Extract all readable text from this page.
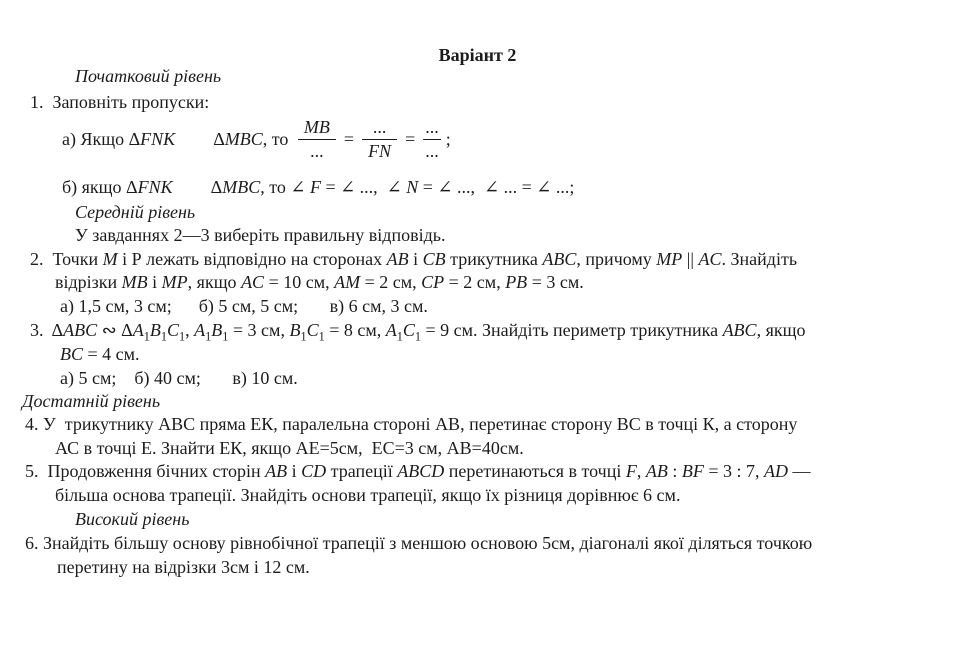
Варіант 2
Початковий рівень
1.  Заповніть пропуски:
а) Якщо ΔFNK ΔMBC, то $\frac{MB}{...} = \frac{...}{FN} = \frac{...}{...}$ ;
б) якщо ΔFNK ΔMBC, то ∠ F = ∠ ...,  ∠ N = ∠ ...,  ∠ ... = ∠ ...;
Середній рівень
У завданнях 2—3 виберіть правильну відповідь.
2.  Точки M і Р лежать відповідно на сторонах AB і CB трикутника ABC, причому MP || AC. Знайдіть
відрізки MB і MP, якщо AC = 10 см, AM = 2 см, CP = 2 см, PB = 3 см.
а) 1,5 см, 3 см;      б) 5 см, 5 см;       в) 6 см, 3 см.
3.  ΔABC ∾ $\Delta A_1B_1C_1$, $A_1B_1 = 3$ см, $B_1C_1 = 8$ см, $A_1C_1 = 9$ см. Знайдіть периметр трикутника ABC, якщо
BC = 4 см.
а) 5 см;    б) 40 см;       в) 10 см.
Достатній рівень
4. У  трикутнику АВС пряма ЕК, паралельна стороні АВ, перетинає сторону ВС в точці К, а сторону
АС в точці Е. Знайти ЕК, якщо АЕ=5см,  ЕС=3 см, АВ=40см.
5.  Продовження бічних сторін AB і CD трапеції ABCD перетинаються в точці F, AB : BF = 3 : 7, AD —
більша основа трапеції. Знайдіть основи трапеції, якщо їх різниця дорівнює 6 см.
Високий рівень
6. Знайдіть більшу основу рівнобічної трапеції з меншою основою 5см, діагоналі якої діляться точкою
перетину на відрізки 3см і 12 см.
